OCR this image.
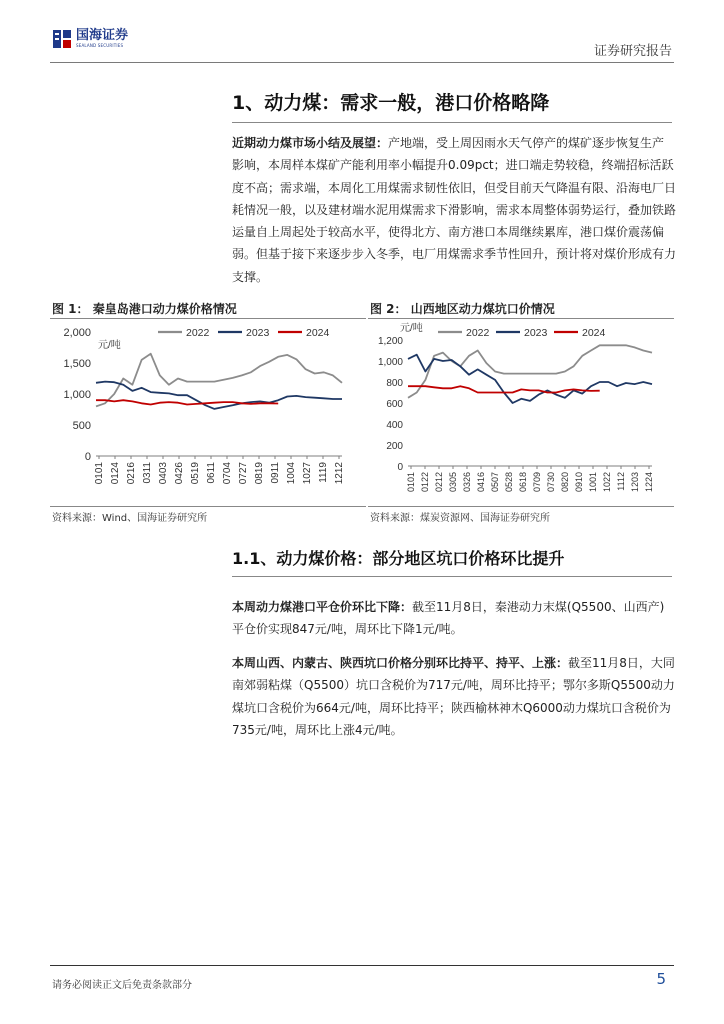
国海证券
SEALAND SECURITIES	证券研究报告
1、动力煤：需求一般，港口价格略降
近期动力煤市场小结及展望：产地端，受上周因雨水天气停产的煤矿逐步恢复生产影响，本周样本煤矿产能利用率小幅提升0.09pct；进口端走势较稳，终端招标活跃度不高；需求端，本周化工用煤需求韧性依旧，但受目前天气降温有限、沿海电厂日耗情况一般，以及建材端水泥用煤需求下滑影响，需求本周整体弱势运行，叠加铁路运量自上周起处于较高水平，使得北方、南方港口本周继续累库，港口煤价震荡偏弱。但基于接下来逐步步入冬季，电厂用煤需求季节性回升，预计将对煤价形成有力支撑。
图 1： 秦皇岛港口动力煤价格情况
0
500
1,000
1,500
2,000
0101 0124 0216 0311 0403 0426 0519 0611 0704 0727 0819 0911 1004 1027 1119 1212
元/吨
2022	2023	2024
资料来源：Wind、国海证券研究所
图 2： 山西地区动力煤坑口价情况
0
200
400
600
800
1,000
1,200
0101 0122 0212 0305 0326 0416 0507 0528 0618 0709 0730 0820 0910 1001 1022 1112 1203 1224
元/吨	2022	2023	2024
资料来源：煤炭资源网、国海证券研究所
1.1、动力煤价格：部分地区坑口价格环比提升
本周动力煤港口平仓价环比下降：截至11月8日，秦港动力末煤(Q5500、山西产)平仓价实现847元/吨，周环比下降1元/吨。
本周山西、内蒙古、陕西坑口价格分别环比持平、持平、上涨：截至11月8日，大同南郊弱粘煤（Q5500）坑口含税价为717元/吨，周环比持平；鄂尔多斯Q5500动力煤坑口含税价为664元/吨，周环比持平；陕西榆林神木Q6000动力煤坑口含税价为735元/吨，周环比上涨4元/吨。
请务必阅读正文后免责条款部分	5
